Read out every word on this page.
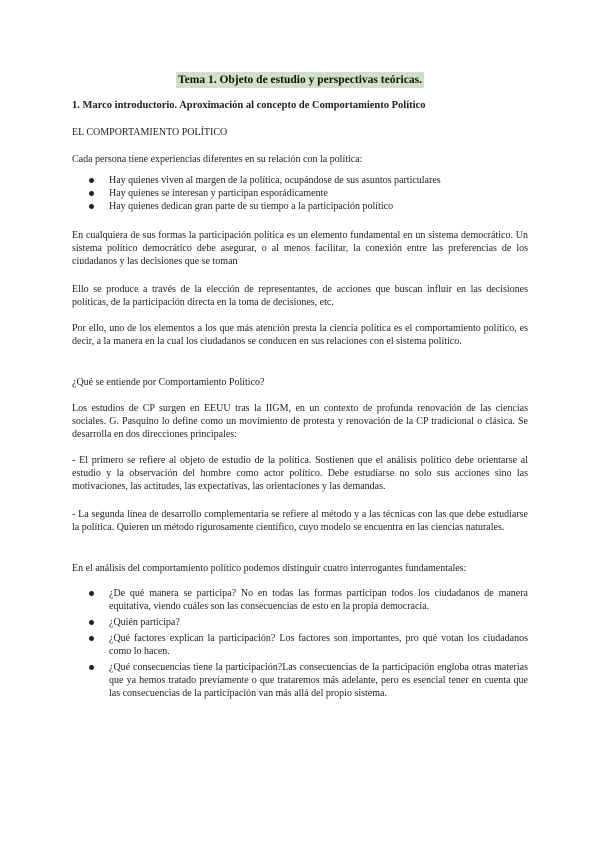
Tema 1. Objeto de estudio y perspectivas teóricas.
1. Marco introductorio. Aproximación al concepto de Comportamiento Político
EL COMPORTAMIENTO POLÍTICO
Cada persona tiene experiencias diferentes en su relación con la política:
Hay quienes viven al margen de la política, ocupándose de sus asuntos particulares
Hay quienes se interesan y participan esporádicamente
Hay quienes dedican gran parte de su tiempo a la participación político
En cualquiera de sus formas la participación política es un elemento fundamental en un sistema democrático. Un sistema político democrático debe asegurar, o al menos facilitar, la conexión entre las preferencias de los ciudadanos y las decisiones que se toman
Ello se produce a través de la elección de representantes, de acciones que buscan influir en las decisiones políticas, de la participación directa en la toma de decisiones, etc.
Por ello, uno de los elementos a los que más atención presta la ciencia política es el comportamiento político, es decir, a la manera en la cual los ciudadanos se conducen en sus relaciones con el sistema político.
¿Qué se entiende por Comportamiento Político?
Los estudios de CP surgen en EEUU tras la IIGM, en un contexto de profunda renovación de las ciencias sociales. G. Pasquino lo define como un movimiento de protesta y renovación de la CP tradicional o clásica. Se desarrolla en dos direcciones principales:
- El primero se refiere al objeto de estudio de la política. Sostienen que el análisis político debe orientarse al estudio y la observación del hombre como actor político. Debe estudiarse no solo sus acciones sino las motivaciones, las actitudes, las expectativas, las orientaciones y las demandas.
- La segunda línea de desarrollo complementaria se refiere al método y a las técnicas con las que debe estudiarse la política. Quieren un método rigurosamente científico, cuyo modelo se encuentra en las ciencias naturales.
En el análisis del comportamiento político podemos distinguir cuatro interrogantes fundamentales:
¿De qué manera se participa? No en todas las formas participan todos los ciudadanos de manera equitativa, viendo cuáles son las consecuencias de esto en la propia democracia.
¿Quién participa?
¿Qué factores explican la participación? Los factores son importantes, pro qué votan los ciudadanos como lo hacen.
¿Qué consecuencias tiene la participación?Las consecuencias de la participación engloba otras materias que ya hemos tratado previamente o que trataremos más adelante, pero es esencial tener en cuenta que las consecuencias de la participación van más allá del propio sistema.
